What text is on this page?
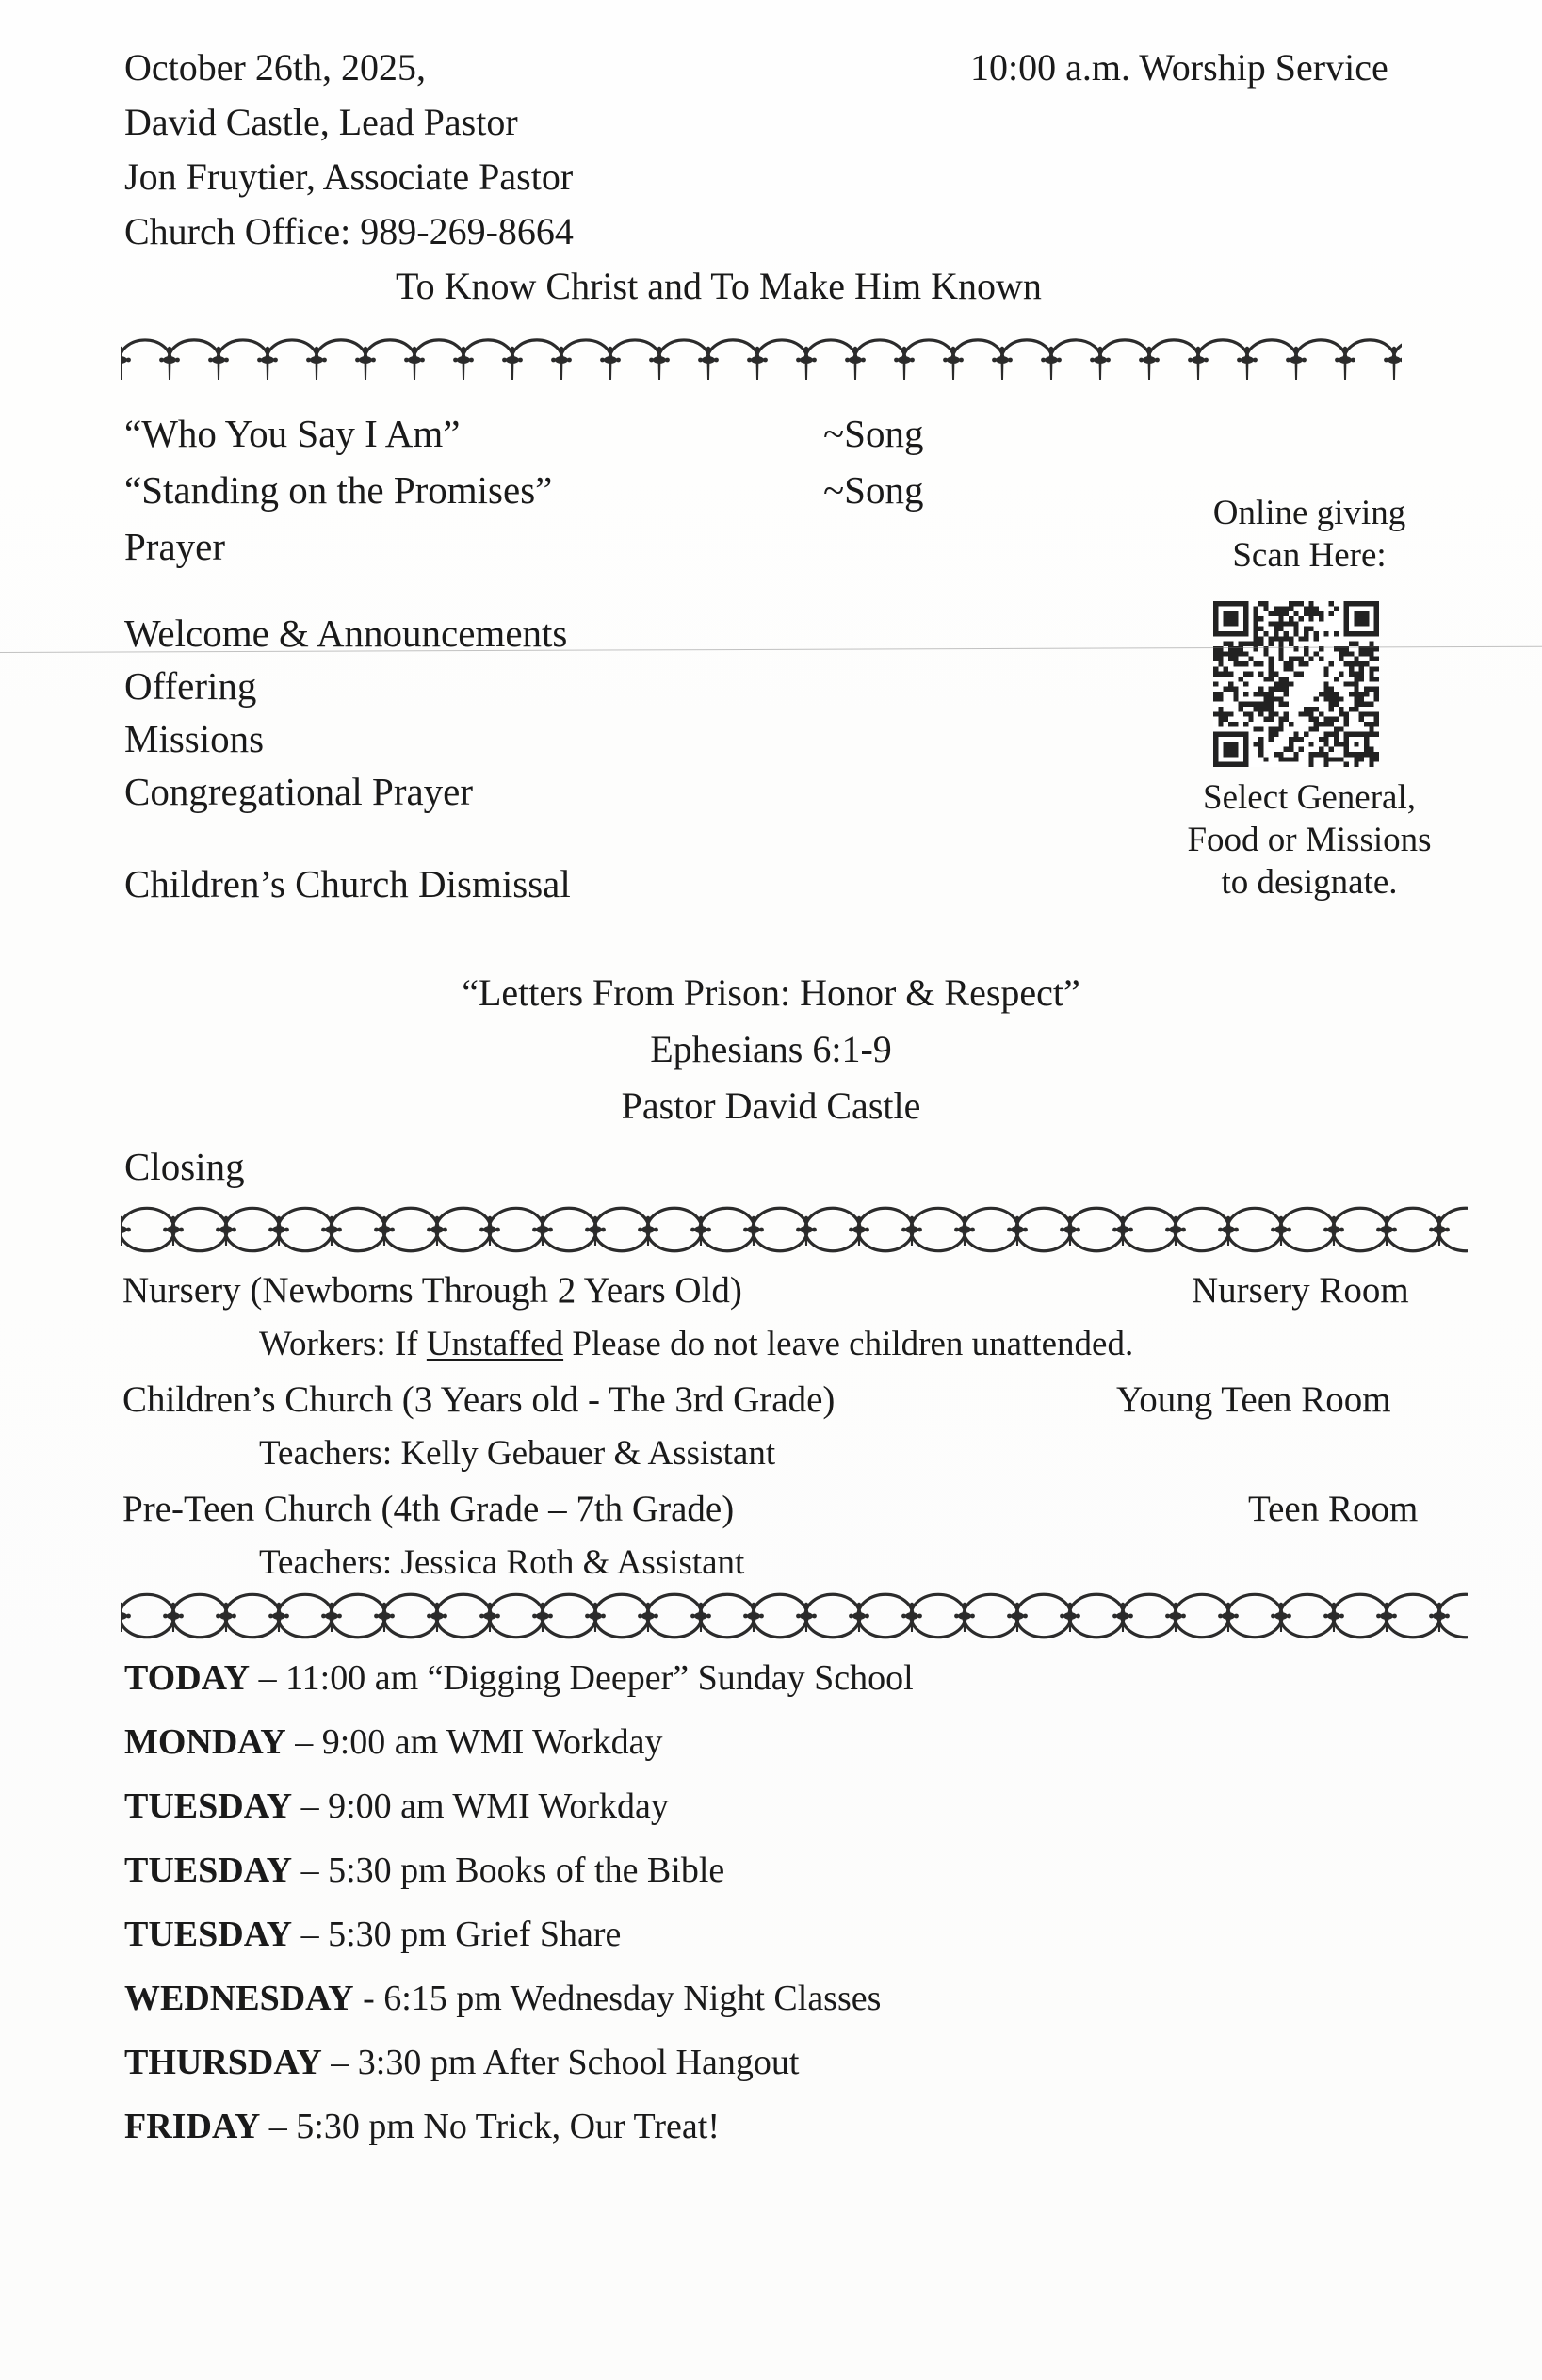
October 26th, 2025,	10:00 a.m. Worship Service
David Castle, Lead Pastor
Jon Fruytier, Associate Pastor
Church Office: 989-269-8664
To Know Christ and To Make Him Known
“Who You Say I Am”	~Song
“Standing on the Promises”	~Song
Prayer
Welcome & Announcements
Offering
Missions
Congregational Prayer
Children’s Church Dismissal
Online giving
Scan Here:
Select General,
Food or Missions
to designate.
“Letters From Prison: Honor & Respect”
Ephesians 6:1-9
Pastor David Castle
Closing
Nursery (Newborns Through 2 Years Old)	Nursery Room
Workers: If Unstaffed Please do not leave children unattended.
Children’s Church (3 Years old - The 3rd Grade)	Young Teen Room
Teachers: Kelly Gebauer & Assistant
Pre-Teen Church (4th Grade – 7th Grade)	Teen Room
Teachers: Jessica Roth & Assistant
TODAY – 11:00 am “Digging Deeper” Sunday School
MONDAY – 9:00 am WMI Workday
TUESDAY – 9:00 am WMI Workday
TUESDAY – 5:30 pm Books of the Bible
TUESDAY – 5:30 pm Grief Share
WEDNESDAY - 6:15 pm Wednesday Night Classes
THURSDAY – 3:30 pm After School Hangout
FRIDAY – 5:30 pm No Trick, Our Treat!
